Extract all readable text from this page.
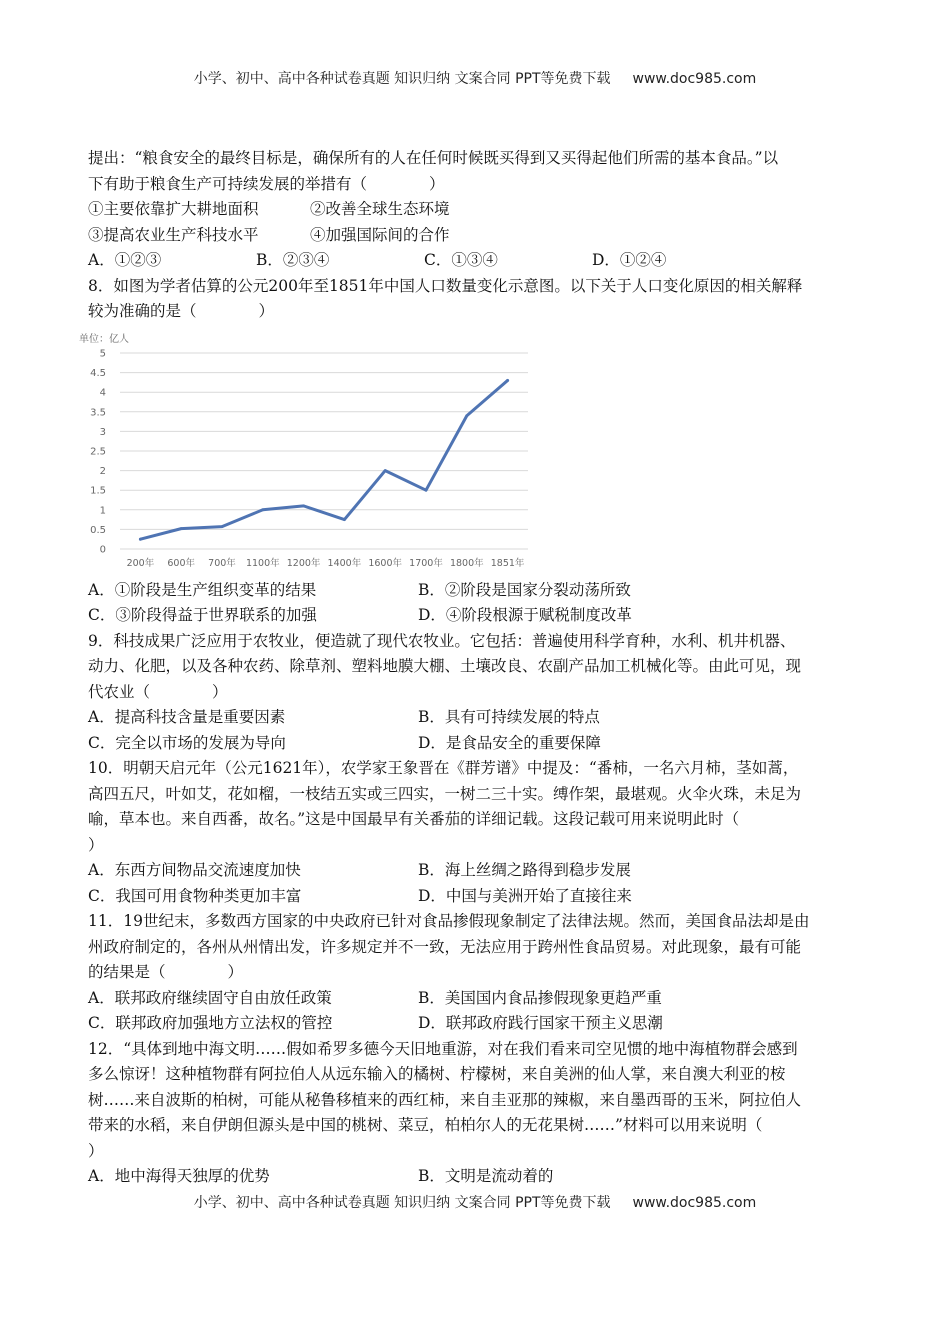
小学、初中、高中各种试卷真题 知识归纳 文案合同 PPT等免费下载 www.doc985.com
提出：“粮食安全的最终目标是，确保所有的人在任何时候既买得到又买得起他们所需的基本食品。”以
下有助于粮食生产可持续发展的举措有（　　　　）
①主要依靠扩大耕地面积	②改善全球生态环境
③提高农业生产科技水平	④加强国际间的合作
A．①②③	B．②③④	C．①③④	D．①②④
8．如图为学者估算的公元200年至1851年中国人口数量变化示意图。以下关于人口变化原因的相关解释
较为准确的是（　　　　）
单位：亿人
0
0.5
1
1.5
2
2.5
3
3.5
4
4.5
5
200年 600年 700年 1100年 1200年 1400年 1600年 1700年 1800年 1851年
A．①阶段是生产组织变革的结果	B．②阶段是国家分裂动荡所致
C．③阶段得益于世界联系的加强	D．④阶段根源于赋税制度改革
9．科技成果广泛应用于农牧业，便造就了现代农牧业。它包括：普遍使用科学育种，水利、机井机器、
动力、化肥，以及各种农药、除草剂、塑料地膜大棚、土壤改良、农副产品加工机械化等。由此可见，现
代农业（　　　　）
A．提高科技含量是重要因素	B．具有可持续发展的特点
C．完全以市场的发展为导向	D．是食品安全的重要保障
10．明朝天启元年（公元1621年），农学家王象晋在《群芳谱》中提及：“番柿，一名六月柿，茎如蒿，
高四五尺，叶如艾，花如榴，一枝结五实或三四实，一树二三十实。缚作架，最堪观。火伞火珠，未足为
喻，草本也。来自西番，故名。”这是中国最早有关番茄的详细记载。这段记载可用来说明此时（
）
A．东西方间物品交流速度加快	B．海上丝绸之路得到稳步发展
C．我国可用食物种类更加丰富	D．中国与美洲开始了直接往来
11．19世纪末，多数西方国家的中央政府已针对食品掺假现象制定了法律法规。然而，美国食品法却是由
州政府制定的，各州从州情出发，许多规定并不一致，无法应用于跨州性食品贸易。对此现象，最有可能
的结果是（　　　　）
A．联邦政府继续固守自由放任政策	B．美国国内食品掺假现象更趋严重
C．联邦政府加强地方立法权的管控	D．联邦政府践行国家干预主义思潮
12．“具体到地中海文明……假如希罗多德今天旧地重游，对在我们看来司空见惯的地中海植物群会感到
多么惊讶！这种植物群有阿拉伯人从远东输入的橘树、柠檬树，来自美洲的仙人掌，来自澳大利亚的桉
树……来自波斯的柏树，可能从秘鲁移植来的西红柿，来自圭亚那的辣椒，来自墨西哥的玉米，阿拉伯人
带来的水稻，来自伊朗但源头是中国的桃树、菜豆，柏柏尔人的无花果树……”材料可以用来说明（
）
A．地中海得天独厚的优势	B．文明是流动着的
小学、初中、高中各种试卷真题 知识归纳 文案合同 PPT等免费下载 www.doc985.com
